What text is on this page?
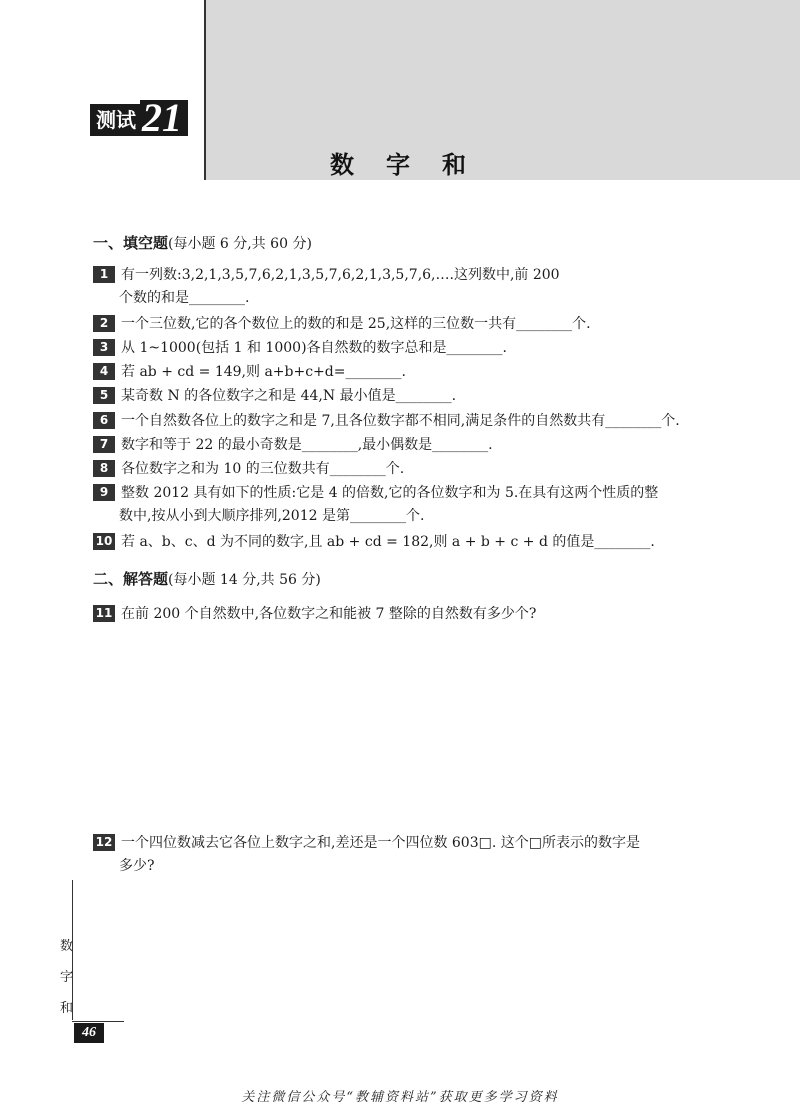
测试 21
数字和
一、填空题(每小题 6 分,共 60 分)
1 有一列数:3,2,1,3,5,7,6,2,1,3,5,7,6,2,1,3,5,7,6,….这列数中,前 200
个数的和是________.
2 一个三位数,它的各个数位上的数的和是 25,这样的三位数一共有________个.
3 从 1~1000(包括 1 和 1000)各自然数的数字总和是________.
4 若 ab + cd = 149,则 a+b+c+d=________.
5 某奇数 N 的各位数字之和是 44,N 最小值是________.
6 一个自然数各位上的数字之和是 7,且各位数字都不相同,满足条件的自然数共有________个.
7 数字和等于 22 的最小奇数是________,最小偶数是________.
8 各位数字之和为 10 的三位数共有________个.
9 整数 2012 具有如下的性质:它是 4 的倍数,它的各位数字和为 5.在具有这两个性质的整
数中,按从小到大顺序排列,2012 是第________个.
10 若 a、b、c、d 为不同的数字,且 ab + cd = 182,则 a + b + c + d 的值是________.
二、解答题(每小题 14 分,共 56 分)
11 在前 200 个自然数中,各位数字之和能被 7 整除的自然数有多少个?
12 一个四位数减去它各位上数字之和,差还是一个四位数 603□. 这个□所表示的数字是
多少?
数
字
和
46
关注微信公众号“教辅资料站”获取更多学习资料
